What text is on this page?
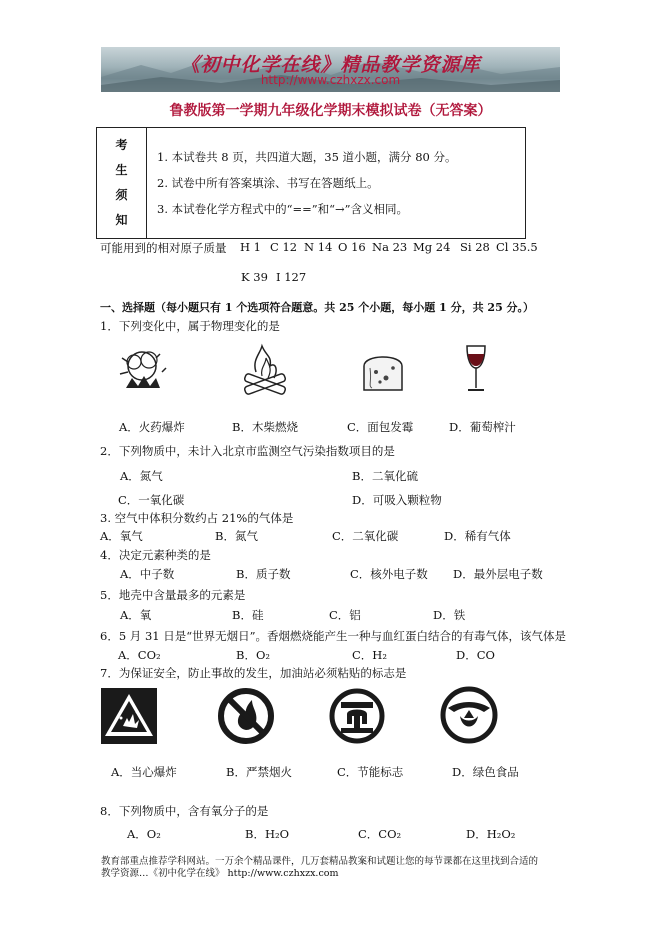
《初中化学在线》精品教学资源库
http://www.czhxzx.com
鲁教版第一学期九年级化学期末模拟试卷（无答案）
考
生
须
知
1. 本试卷共 8 页，共四道大题，35 道小题，满分 80 分。
2. 试卷中所有答案填涂、书写在答题纸上。
3. 本试卷化学方程式中的“==”和“→”含义相同。
可能用到的相对原子质量 H 1 C 12 N 14 O 16 Na 23 Mg 24 Si 28 Cl 35.5
K 39 I 127
一、选择题（每小题只有 1 个选项符合题意。共 25 个小题，每小题 1 分，共 25 分。）
1．下列变化中，属于物理变化的是
A．火药爆炸	B．木柴燃烧	C．面包发霉	D．葡萄榨汁
2．下列物质中，未计入北京市监测空气污染指数项目的是
A．氮气	B．二氧化硫
C．一氧化碳	D．可吸入颗粒物
3. 空气中体积分数约占 21%的气体是
A．氧气	B．氮气	C．二氧化碳	D．稀有气体
4．决定元素种类的是
A．中子数	B．质子数	C．核外电子数 D．最外层电子数
5．地壳中含量最多的元素是
A．氧	B．硅	C．铝	D．铁
6．5 月 31 日是“世界无烟日”。香烟燃烧能产生一种与血红蛋白结合的有毒气体，该气体是
A．CO₂	B．O₂	C．H₂	D．CO
7．为保证安全，防止事故的发生，加油站必须粘贴的标志是
A．当心爆炸	B．严禁烟火	C．节能标志	D．绿色食品
8．下列物质中，含有氧分子的是
A．O₂	B．H₂O	C．CO₂	D．H₂O₂
教育部重点推荐学科网站。一万余个精品课件，几万套精品教案和试题让您的每节课都在这里找到合适的
教学资源…《初中化学在线》 http://www.czhxzx.com
